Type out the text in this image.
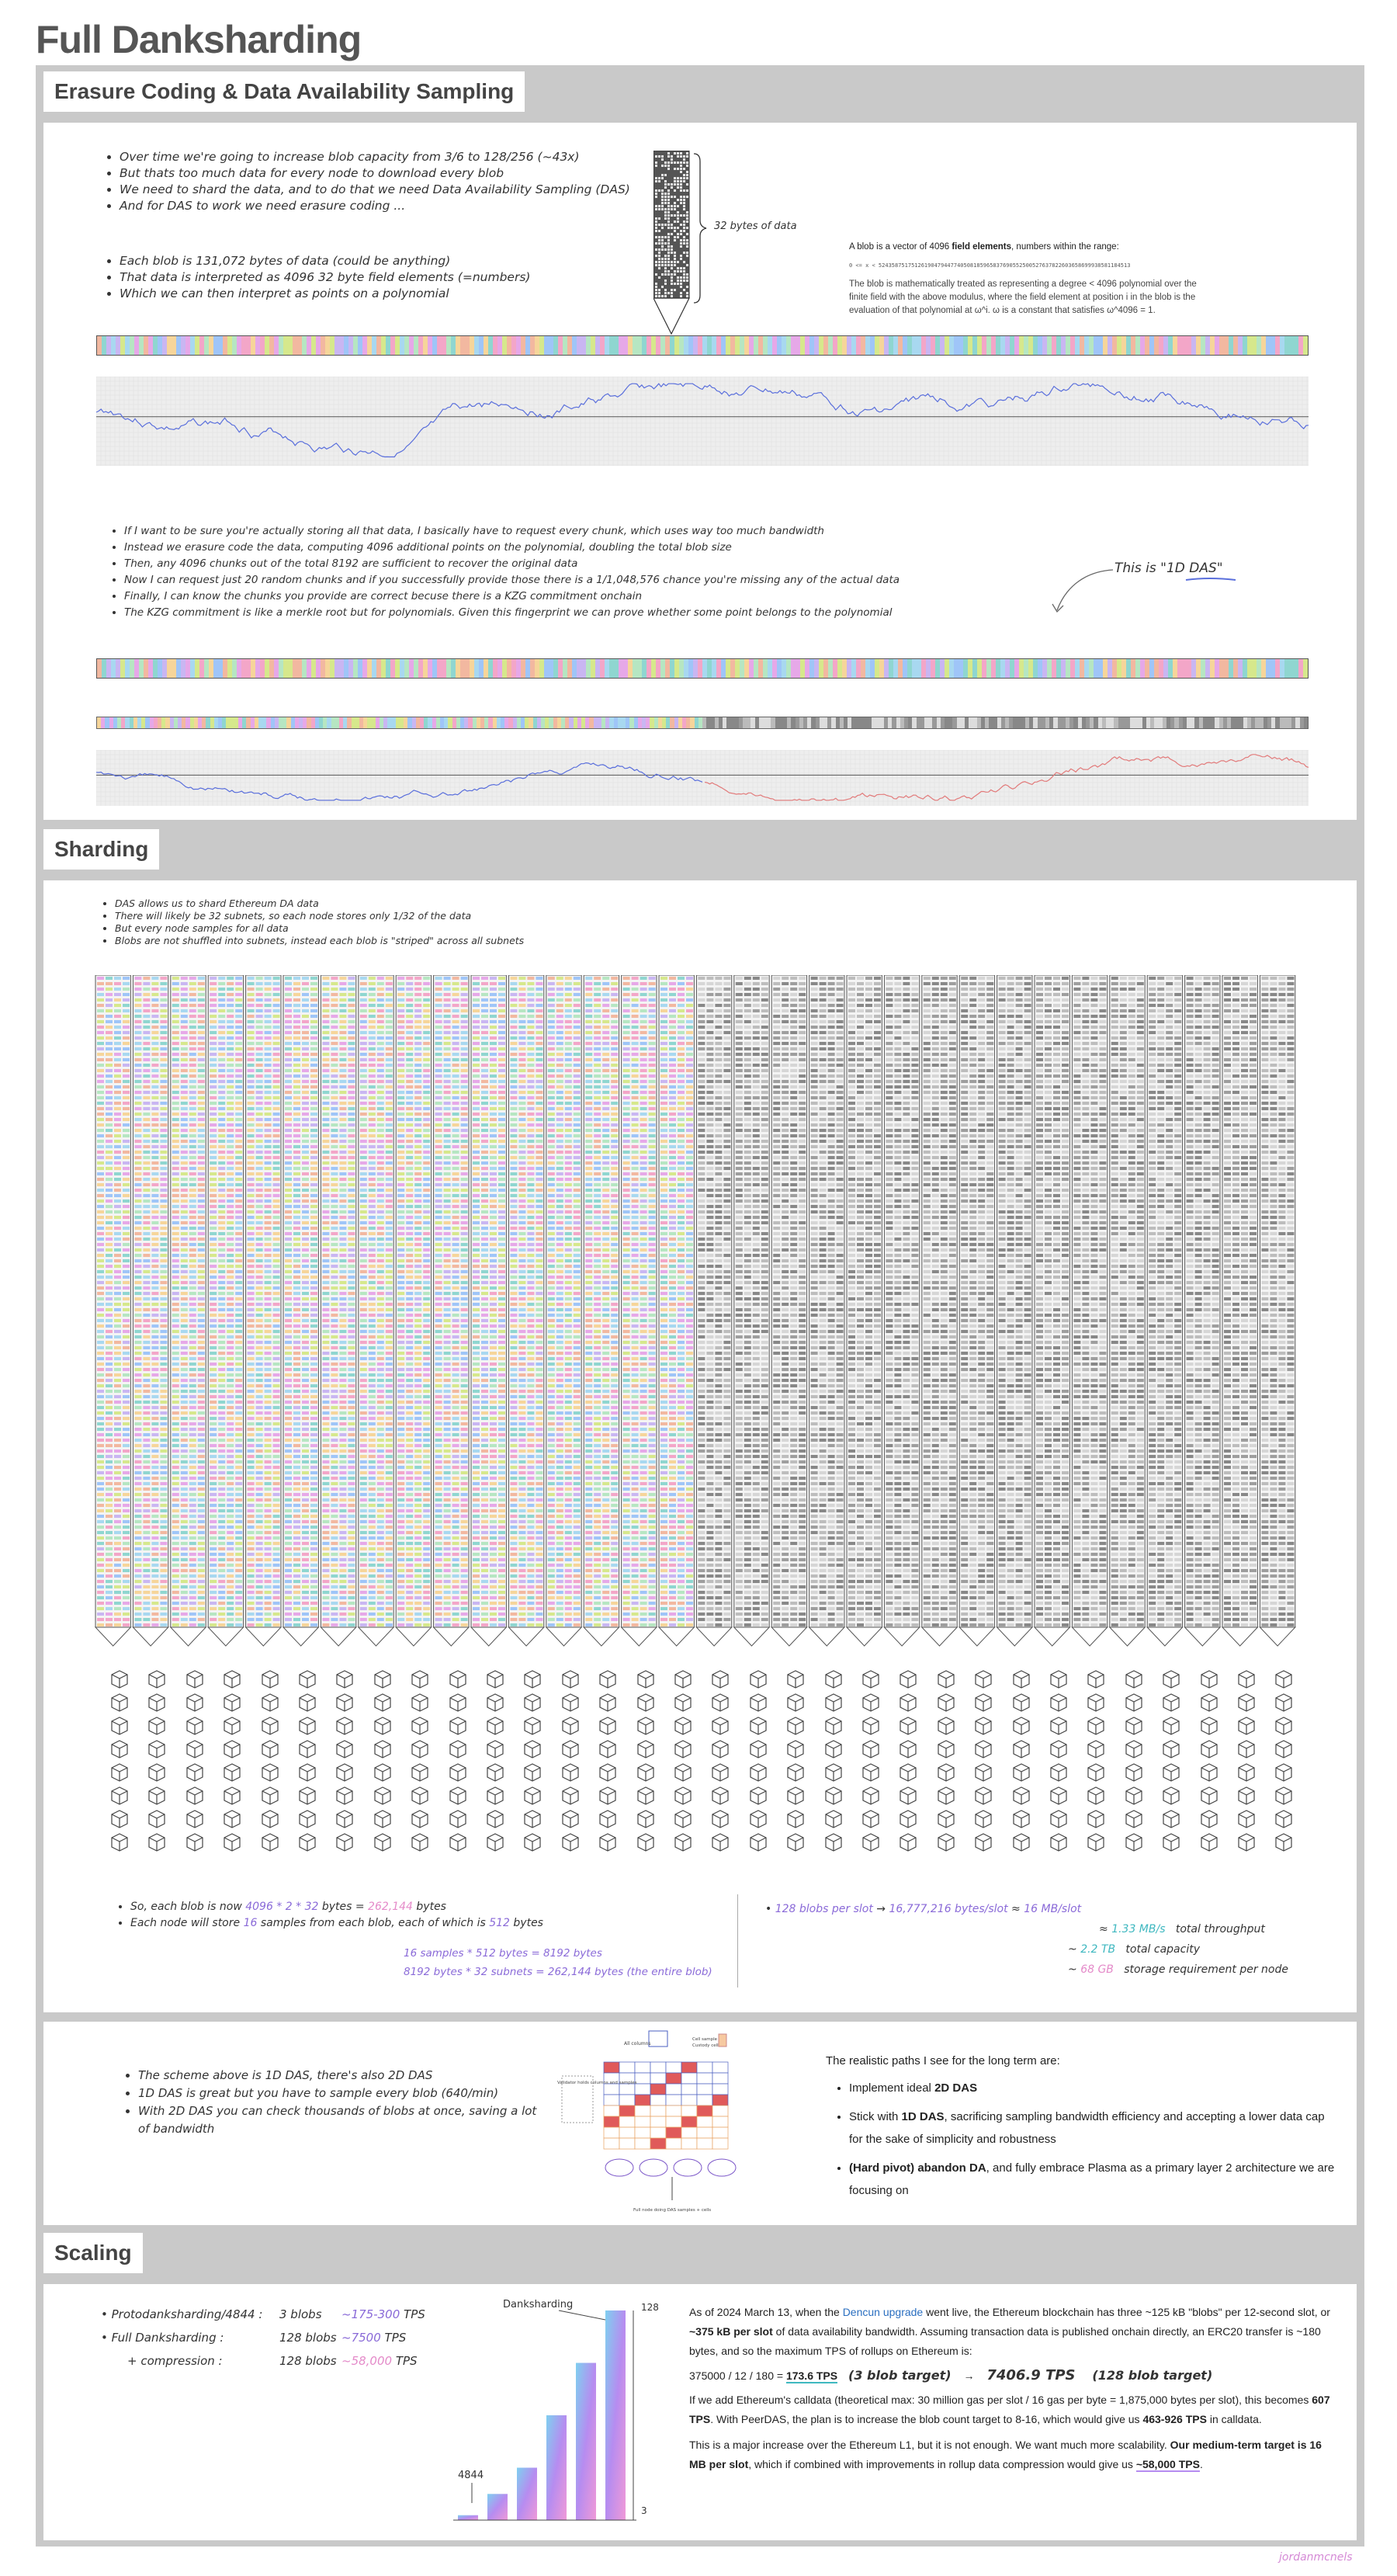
Full Danksharding
Erasure Coding & Data Availability Sampling
• Over time we're going to increase blob capacity from 3/6 to 128/256 (~43x)
• But thats too much data for every node to download every blob
• We need to shard the data, and to do that we need Data Availability Sampling (DAS)
• And for DAS to work we need erasure coding ...
• Each blob is 131,072 bytes of data (could be anything)
• That data is interpreted as 4096 32 byte field elements (=numbers)
• Which we can then interpret as points on a polynomial
32 bytes of data
A blob is a vector of 4096 field elements, numbers within the range:
0 <= x < 52435875175126190479447740508185965837690552500527637822603658699938581184513
The blob is mathematically treated as representing a degree < 4096 polynomial over the finite field with the above modulus, where the field element at position i in the blob is the evaluation of that polynomial at ω^i. ω is a constant that satisfies ω^4096 = 1.
• If I want to be sure you're actually storing all that data, I basically have to request every chunk, which uses way too much bandwidth
• Instead we erasure code the data, computing 4096 additional points on the polynomial, doubling the total blob size
• Then, any 4096 chunks out of the total 8192 are sufficient to recover the original data
• Now I can request just 20 random chunks and if you successfully provide those there is a 1/1,048,576 chance you're missing any of the actual data
• Finally, I can know the chunks you provide are correct becuse there is a KZG commitment onchain
• The KZG commitment is like a merkle root but for polynomials. Given this fingerprint we can prove whether some point belongs to the polynomial
This is "1D DAS"
Sharding
• DAS allows us to shard Ethereum DA data
• There will likely be 32 subnets, so each node stores only 1/32 of the data
• But every node samples for all data
• Blobs are not shuffled into subnets, instead each blob is "striped" across all subnets
• So, each blob is now 4096 * 2 * 32 bytes = 262,144 bytes
• Each node will store 16 samples from each blob, each of which is 512 bytes
16 samples * 512 bytes = 8192 bytes
8192 bytes * 32 subnets = 262,144 bytes (the entire blob)
• 128 blobs per slot → 16,777,216 bytes/slot ≈ 16 MB/slot
≈ 1.33 MB/s total throughput
~ 2.2 TB total capacity
~ 68 GB storage requirement per node
• The scheme above is 1D DAS, there's also 2D DAS
• 1D DAS is great but you have to sample every blob (640/min)
• With 2D DAS you can check thousands of blobs at once, saving a lot of bandwidth
All columns
Cell sample
Custody cell
Validator holds columns and samples
Full node doing DAS samples + cells
The realistic paths I see for the long term are:
• Implement ideal 2D DAS
• Stick with 1D DAS, sacrificing sampling bandwidth efficiency and accepting a lower data cap for the sake of simplicity and robustness
• (Hard pivot) abandon DA, and fully embrace Plasma as a primary layer 2 architecture we are focusing on
Scaling
• Protodanksharding/4844 : 3 blobs ~175-300 TPS
• Full Danksharding :	128 blobs ~7500 TPS
+ compression :	128 blobs ~58,000 TPS
Danksharding	128
3
4844
As of 2024 March 13, when the Dencun upgrade went live, the Ethereum blockchain has three ~125 kB "blobs" per 12-second slot, or ~375 kB per slot of data availability bandwidth. Assuming transaction data is published onchain directly, an ERC20 transfer is ~180 bytes, and so the maximum TPS of rollups on Ethereum is:
375000 / 12 / 180 = 173.6 TPS (3 blob target) → 7406.9 TPS (128 blob target)
If we add Ethereum's calldata (theoretical max: 30 million gas per slot / 16 gas per byte = 1,875,000 bytes per slot), this becomes 607 TPS. With PeerDAS, the plan is to increase the blob count target to 8-16, which would give us 463-926 TPS in calldata.
This is a major increase over the Ethereum L1, but it is not enough. We want much more scalability. Our medium-term target is 16 MB per slot, which if combined with improvements in rollup data compression would give us ~58,000 TPS.
jordanmcnels
